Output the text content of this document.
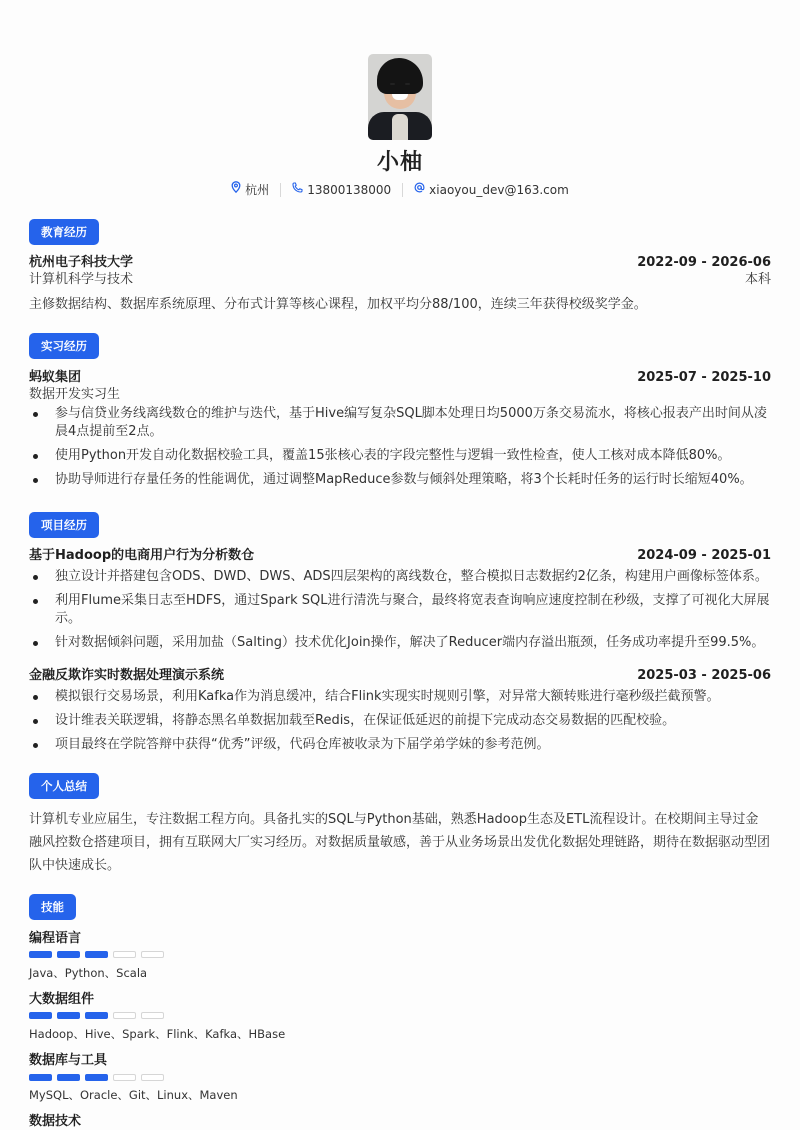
小柚
杭州	13800138000	xiaoyou_dev@163.com
教育经历
杭州电子科技大学	2022-09 - 2026-06
计算机科学与技术	本科
主修数据结构、数据库系统原理、分布式计算等核心课程，加权平均分88/100，连续三年获得校级奖学金。
实习经历
蚂蚁集团	2025-07 - 2025-10
数据开发实习生
参与信贷业务线离线数仓的维护与迭代，基于Hive编写复杂SQL脚本处理日均5000万条交易流水，将核心报表产出时间从凌晨4点提前至2点。
使用Python开发自动化数据校验工具，覆盖15张核心表的字段完整性与逻辑一致性检查，使人工核对成本降低80%。
协助导师进行存量任务的性能调优，通过调整MapReduce参数与倾斜处理策略，将3个长耗时任务的运行时长缩短40%。
项目经历
基于Hadoop的电商用户行为分析数仓	2024-09 - 2025-01
独立设计并搭建包含ODS、DWD、DWS、ADS四层架构的离线数仓，整合模拟日志数据约2亿条，构建用户画像标签体系。
利用Flume采集日志至HDFS，通过Spark SQL进行清洗与聚合，最终将宽表查询响应速度控制在秒级，支撑了可视化大屏展示。
针对数据倾斜问题，采用加盐（Salting）技术优化Join操作，解决了Reducer端内存溢出瓶颈，任务成功率提升至99.5%。
金融反欺诈实时数据处理演示系统	2025-03 - 2025-06
模拟银行交易场景，利用Kafka作为消息缓冲，结合Flink实现实时规则引擎，对异常大额转账进行毫秒级拦截预警。
设计维表关联逻辑，将静态黑名单数据加载至Redis，在保证低延迟的前提下完成动态交易数据的匹配校验。
项目最终在学院答辩中获得“优秀”评级，代码仓库被收录为下届学弟学妹的参考范例。
个人总结
计算机专业应届生，专注数据工程方向。具备扎实的SQL与Python基础，熟悉Hadoop生态及ETL流程设计。在校期间主导过金融风控数仓搭建项目，拥有互联网大厂实习经历。对数据质量敏感，善于从业务场景出发优化数据处理链路，期待在数据驱动型团队中快速成长。
技能
编程语言
Java、Python、Scala
大数据组件
Hadoop、Hive、Spark、Flink、Kafka、HBase
数据库与工具
MySQL、Oracle、Git、Linux、Maven
数据技术
